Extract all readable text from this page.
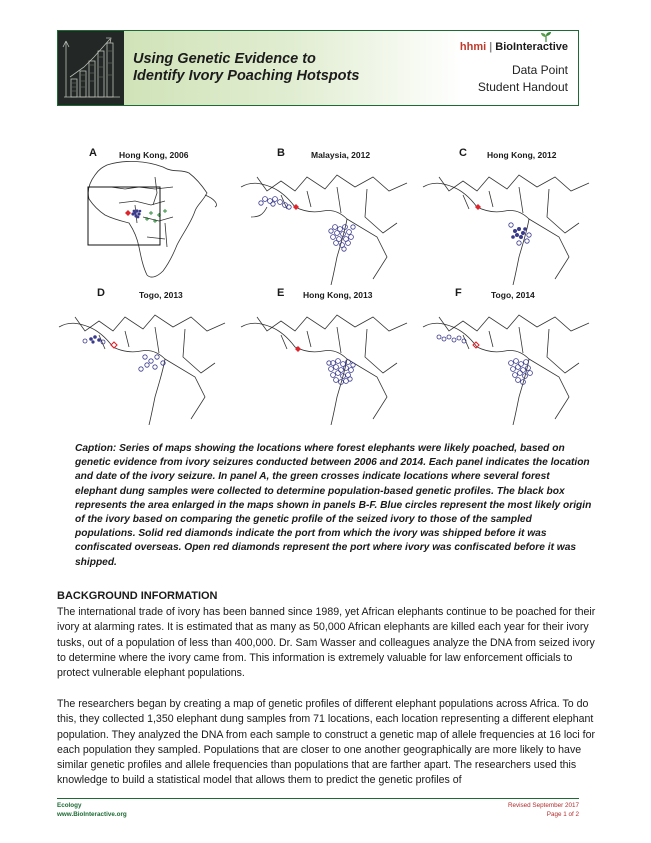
Using Genetic Evidence to
Identify Ivory Poaching Hotspots
hhmi | BioInteractive
Data Point
Student Handout
A	Hong Kong, 2006	B	Malaysia, 2012	C Hong Kong, 2012
D	Togo, 2013	E Hong Kong, 2013	F	Togo, 2014
Caption: Series of maps showing the locations where forest elephants were likely poached, based on genetic evidence from ivory seizures conducted between 2006 and 2014. Each panel indicates the location and date of the ivory seizure. In panel A, the green crosses indicate locations where several forest elephant dung samples were collected to determine population-based genetic profiles. The black box represents the area enlarged in the maps shown in panels B-F. Blue circles represent the most likely origin of the ivory based on comparing the genetic profile of the seized ivory to those of the sampled populations. Solid red diamonds indicate the port from which the ivory was shipped before it was confiscated overseas. Open red diamonds represent the port where ivory was confiscated before it was shipped.
BACKGROUND INFORMATION
The international trade of ivory has been banned since 1989, yet African elephants continue to be poached for their ivory at alarming rates. It is estimated that as many as 50,000 African elephants are killed each year for their ivory tusks, out of a population of less than 400,000. Dr. Sam Wasser and colleagues analyze the DNA from seized ivory to determine where the ivory came from. This information is extremely valuable for law enforcement officials to protect vulnerable elephant populations.
The researchers began by creating a map of genetic profiles of different elephant populations across Africa. To do this, they collected 1,350 elephant dung samples from 71 locations, each location representing a different elephant population. They analyzed the DNA from each sample to construct a genetic map of allele frequencies at 16 loci for each population they sampled. Populations that are closer to one another geographically are more likely to have similar genetic profiles and allele frequencies than populations that are farther apart. The researchers used this knowledge to build a statistical model that allows them to predict the genetic profiles of
Ecology
www.BioInteractive.org
Revised September 2017
Page 1 of 2
